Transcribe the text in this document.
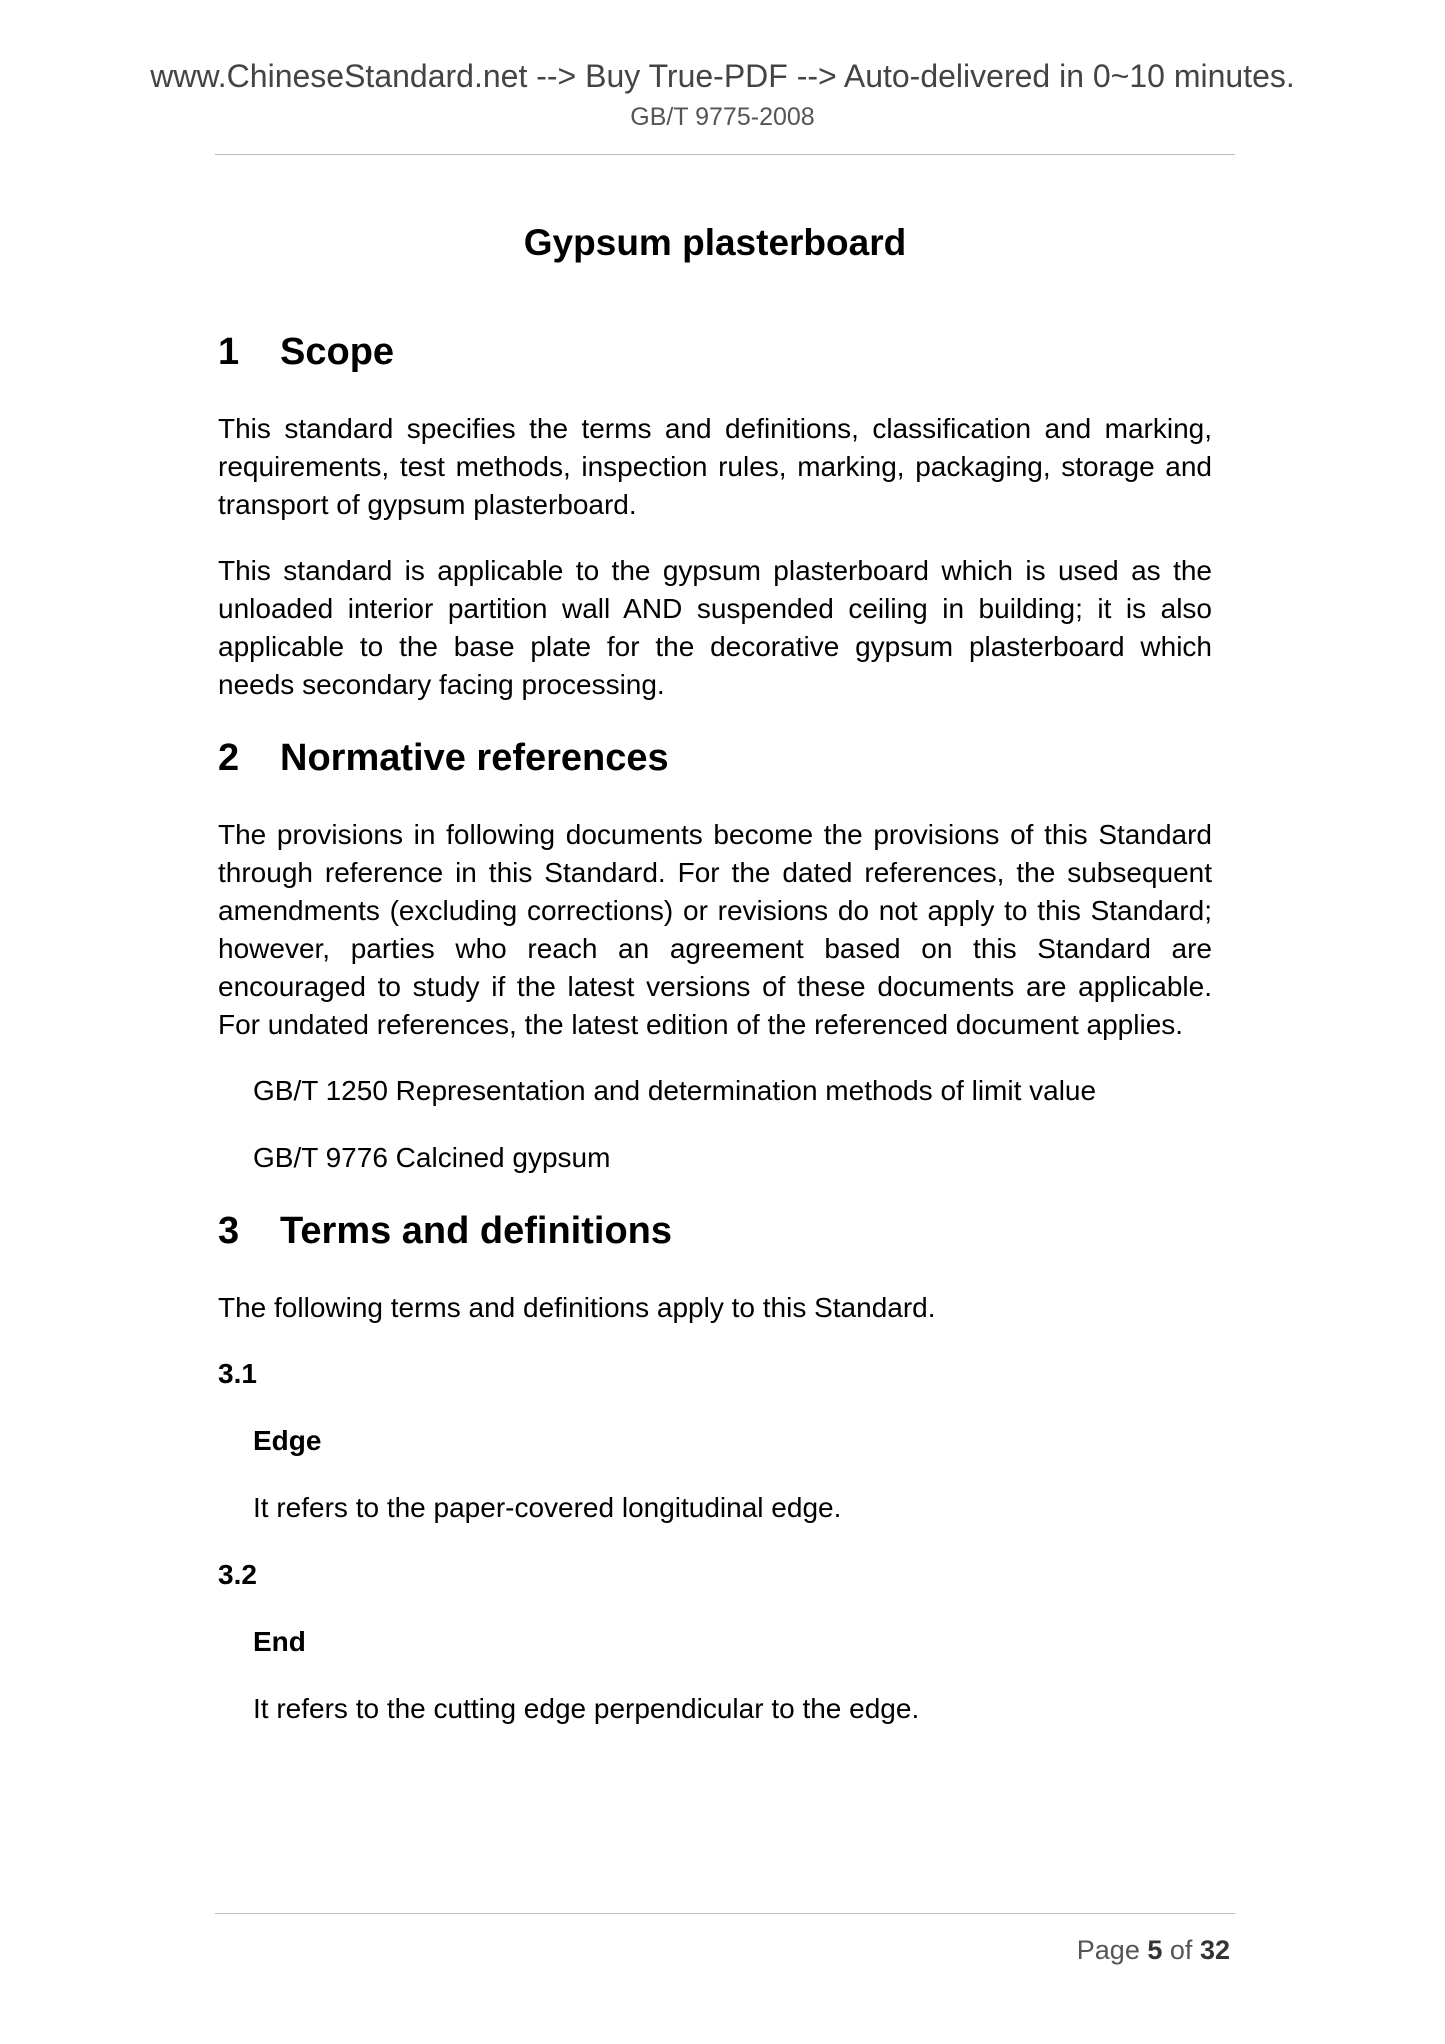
www.ChineseStandard.net --> Buy True-PDF --> Auto-delivered in 0~10 minutes.
GB/T 9775-2008
Gypsum plasterboard
1	Scope

This standard specifies the terms and definitions, classification and marking, requirements, test methods, inspection rules, marking, packaging, storage and transport of gypsum plasterboard.

This standard is applicable to the gypsum plasterboard which is used as the unloaded interior partition wall AND suspended ceiling in building; it is also applicable to the base plate for the decorative gypsum plasterboard which needs secondary facing processing.

2	Normative references

The provisions in following documents become the provisions of this Standard through reference in this Standard. For the dated references, the subsequent amendments (excluding corrections) or revisions do not apply to this Standard; however, parties who reach an agreement based on this Standard are encouraged to study if the latest versions of these documents are applicable. For undated references, the latest edition of the referenced document applies.

GB/T 1250 Representation and determination methods of limit value

GB/T 9776 Calcined gypsum

3	Terms and definitions

The following terms and definitions apply to this Standard.

3.1
Edge
It refers to the paper-covered longitudinal edge.
3.2
End
It refers to the cutting edge perpendicular to the edge.
Page 5 of 32
